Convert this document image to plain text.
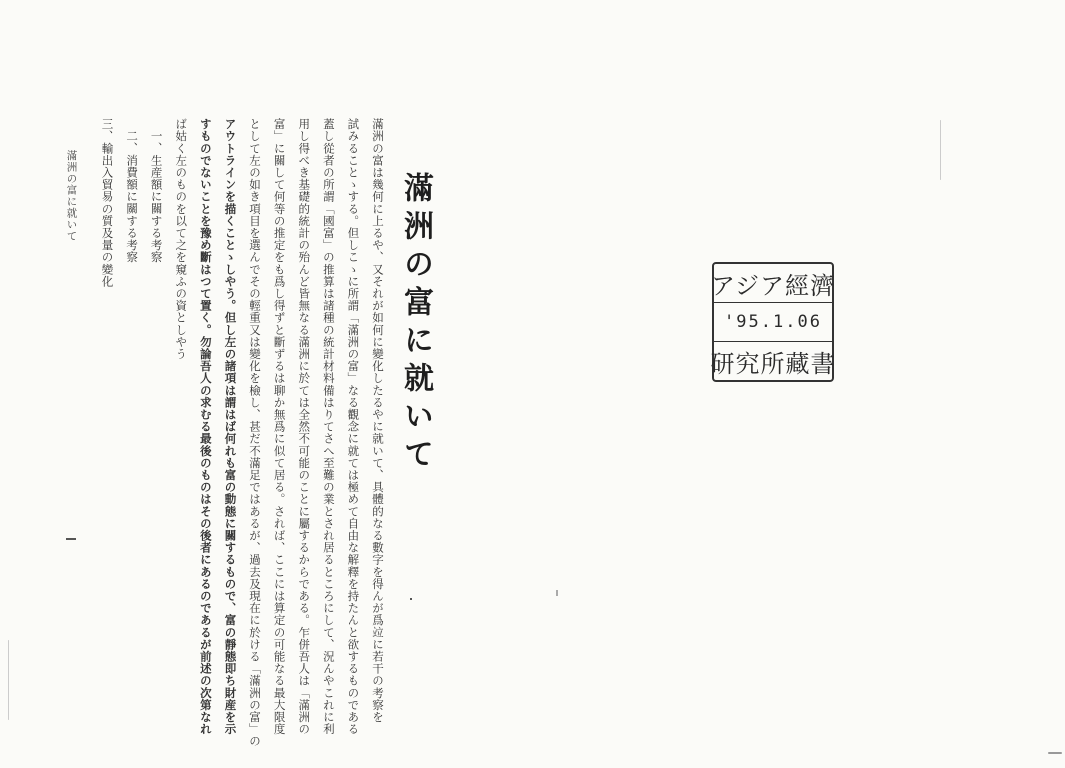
滿洲の富に就いて

滿洲の富は幾何に上るや、又それが如何に變化したるやに就いて、具體的なる數字を得んが爲竝に若干の考察を

試みることゝする。但しこゝに所謂「滿洲の富」なる觀念に就ては極めて自由な解釋を持たんと欲するものである

蓋し從者の所謂「國富」の推算は諸種の統計材料備はりてさへ至難の業とされ居るところにして、況んやこれに利

用し得べき基礎的統計の殆んど皆無なる滿洲に於ては全然不可能のことに屬するからである。乍併吾人は「滿洲の

富」に關して何等の推定をも爲し得ずと斷ずるは聊か無爲に似て居る。されば、ここには算定の可能なる最大限度

として左の如き項目を選んでその輕重又は變化を檢し、甚だ不滿足ではあるが、過去及現在に於ける「滿洲の富」の

アウトラインを描くことゝしやう。但し左の諸項は謂はば何れも富の動態に關するもので、富の靜態即ち財産を示

すものでないことを豫め斷はつて置く。勿論吾人の求むる最後のものはその後者にあるのであるが前述の次第なれ

ば姑く左のものを以て之を窺ふの資としやう

一、生産額に關する考察

二、消費額に關する考察

三、輸出入貿易の質及量の變化

滿洲の富に就いて
アジア經濟
'95.1.06
研究所藏書
